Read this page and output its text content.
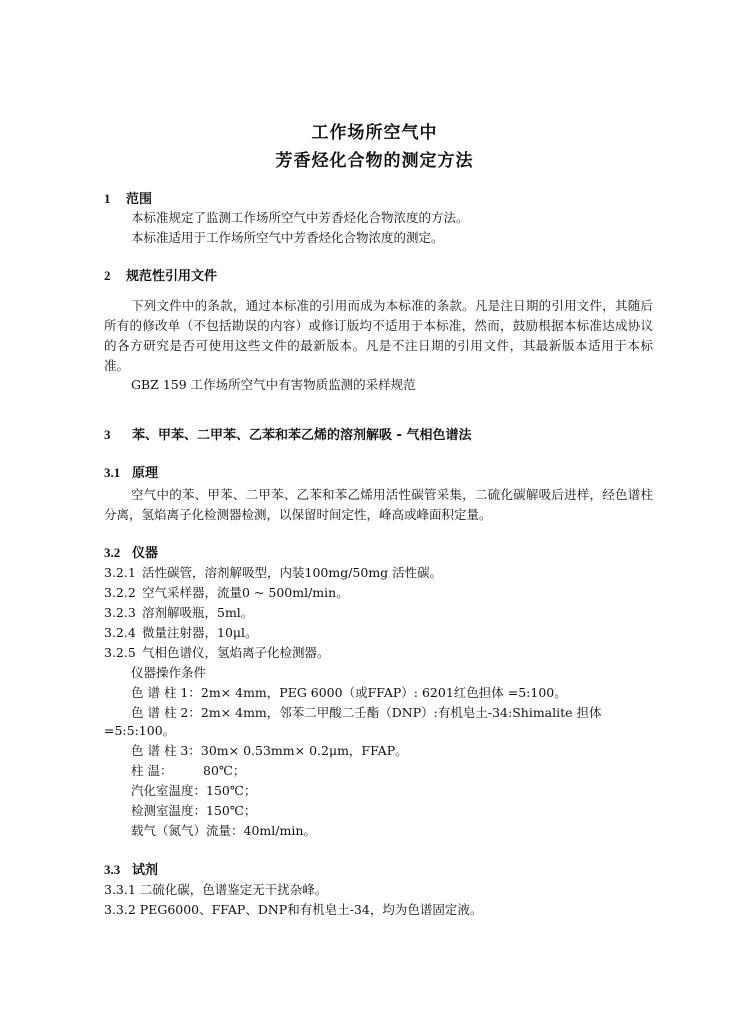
工作场所空气中
芳香烃化合物的测定方法
1 范围
本标准规定了监测工作场所空气中芳香烃化合物浓度的方法。
本标准适用于工作场所空气中芳香烃化合物浓度的测定。
2 规范性引用文件
下列文件中的条款，通过本标准的引用而成为本标准的条款。凡是注日期的引用文件，其随后所有的修改单（不包括勘误的内容）或修订版均不适用于本标准，然而，鼓励根据本标准达成协议的各方研究是否可使用这些文件的最新版本。凡是不注日期的引用文件，其最新版本适用于本标准。
GBZ 159 工作场所空气中有害物质监测的采样规范
3 苯、甲苯、二甲苯、乙苯和苯乙烯的溶剂解吸 - 气相色谱法
3.1 原理
空气中的苯、甲苯、二甲苯、乙苯和苯乙烯用活性碳管采集，二硫化碳解吸后进样，经色谱柱分离，氢焰离子化检测器检测，以保留时间定性，峰高或峰面积定量。
3.2 仪器
3.2.1 活性碳管，溶剂解吸型，内装100mg/50mg 活性碳。
3.2.2 空气采样器，流量0 ~ 500ml/min。
3.2.3 溶剂解吸瓶，5ml。
3.2.4 微量注射器，10μl。
3.2.5 气相色谱仪，氢焰离子化检测器。
仪器操作条件
色 谱 柱 1：2m× 4mm，PEG 6000（或FFAP）: 6201红色担体 =5:100。
色 谱 柱 2：2m× 4mm，邻苯二甲酸二壬酯（DNP）:有机皂土-34:Shimalite 担体
=5:5:100。
色 谱 柱 3：30m× 0.53mm× 0.2μm，FFAP。
柱 温： 80℃；
汽化室温度：150℃；
检测室温度：150℃；
载气（氮气）流量：40ml/min。
3.3 试剂
3.3.1 二硫化碳，色谱鉴定无干扰杂峰。
3.3.2 PEG6000、FFAP、DNP和有机皂土-34，均为色谱固定液。
